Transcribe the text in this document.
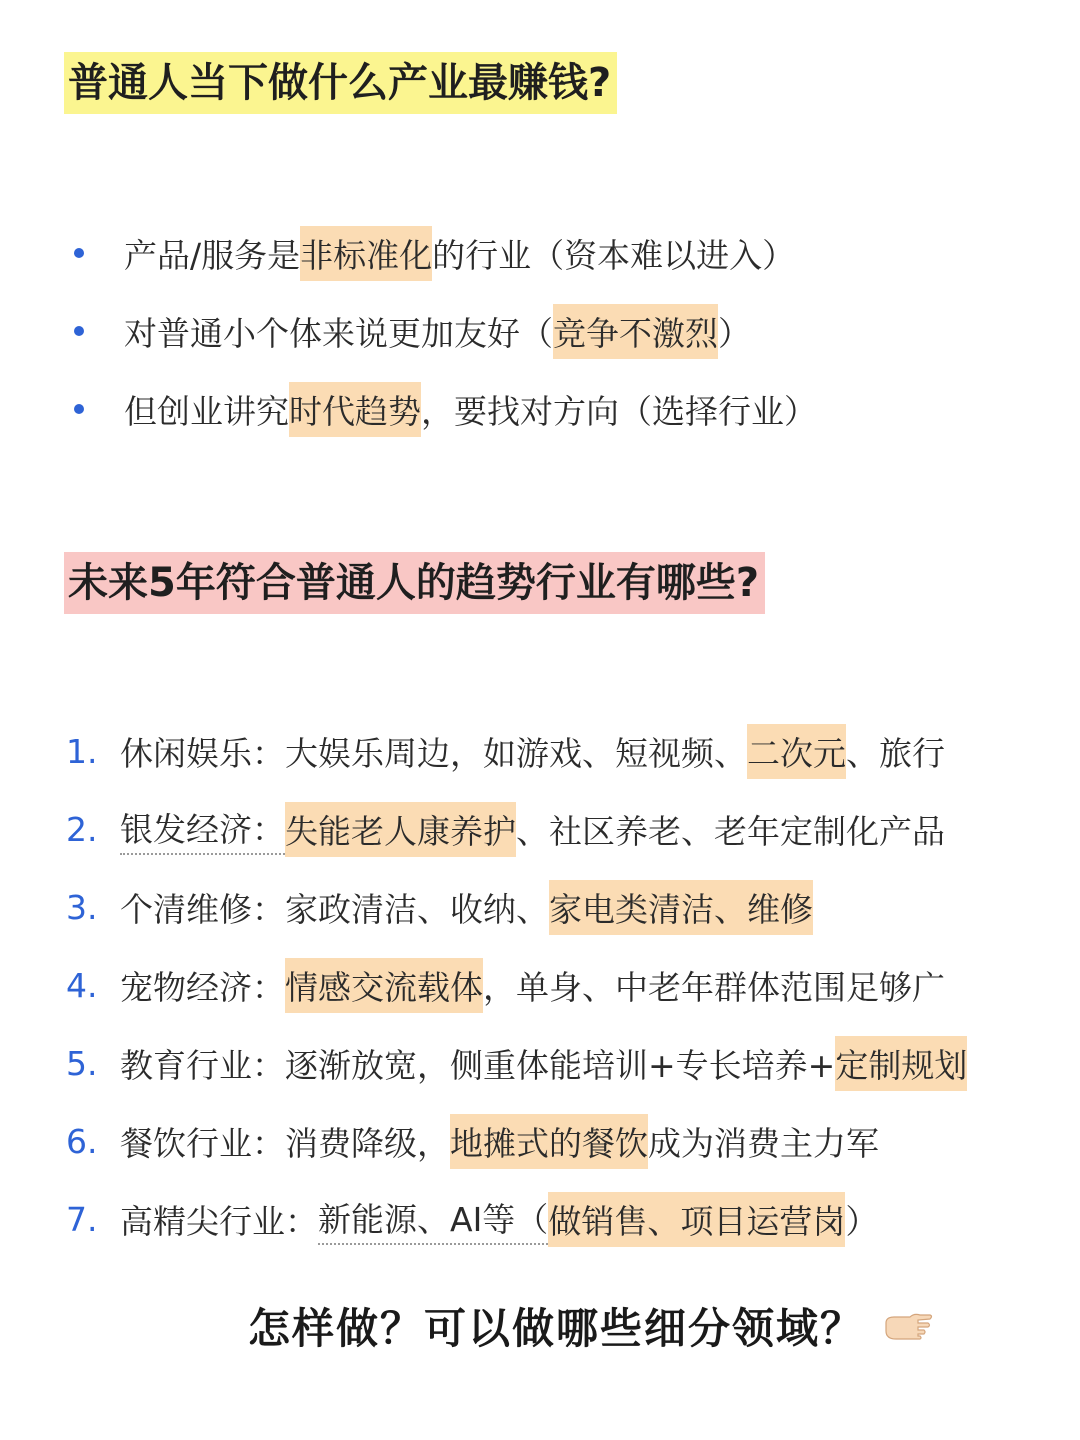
普通人当下做什么产业最赚钱?
产品/服务是 非标准化 的行业（资本难以进入）
对普通小个体来说更加友好（ 竞争不激烈 ）
但创业讲究 时代趋势 ，要找对方向（选择行业）
未来5年符合普通人的趋势行业有哪些?
1. 休闲娱乐： 大娱乐周边，如游戏、短视频、 二次元 、旅行
2. 银发经济： 失能老人康养护 、社区养老、老年定制化产品
3. 个清维修： 家政清洁、收纳、 家电类清洁、维修
4. 宠物经济： 情感交流载体 ，单身、中老年群体范围足够广
5. 教育行业： 逐渐放宽，侧重体能培训+专长培养+ 定制规划
6. 餐饮行业： 消费降级， 地摊式的餐饮 成为消费主力军
7. 高精尖行业： 新能源、AI等（ 做销售、项目运营岗 ）
怎样做？可以做哪些细分领域？
